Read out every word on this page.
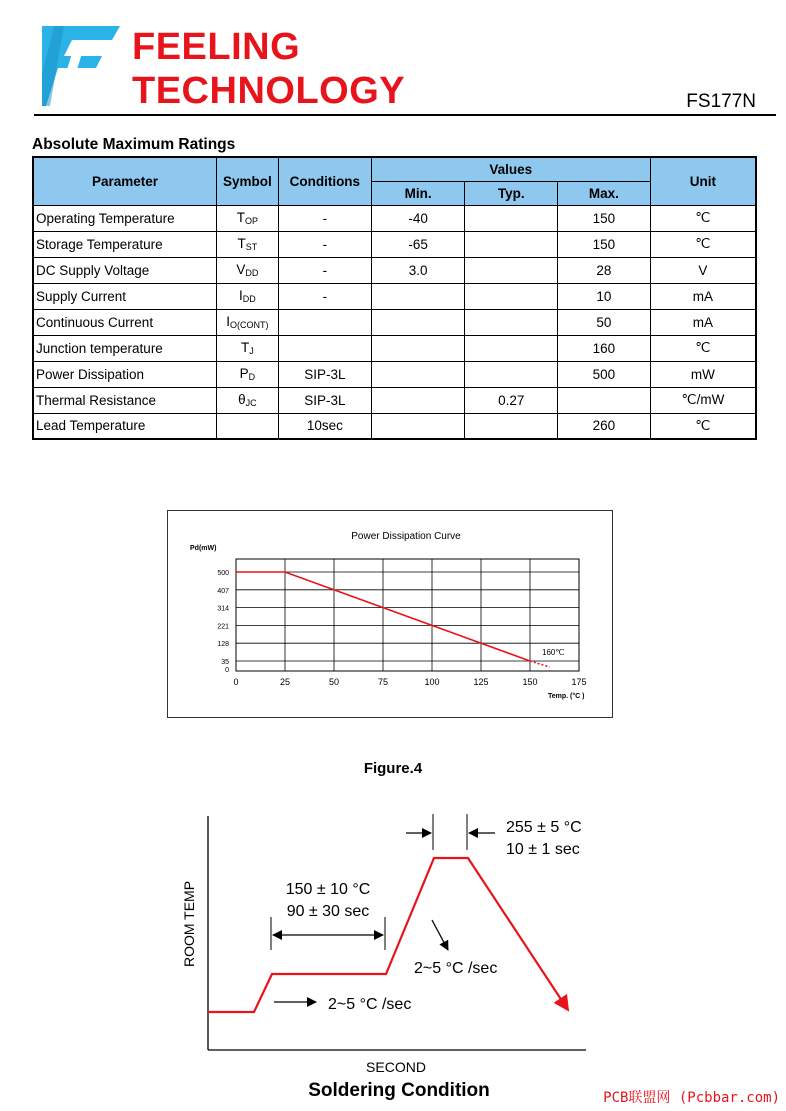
FEELING
TECHNOLOGY	FS177N
Absolute Maximum Ratings
Parameter	Symbol	Conditions	Values			Unit
			Min.	Typ.	Max.	
Operating Temperature	$T_{OP}$	-	-40		150	℃
Storage Temperature	$T_{ST}$	-	-65		150	℃
DC Supply Voltage	$V_{DD}$	-	3.0		28	V
Supply Current	$I_{DD}$	-			10	mA
Continuous Current	$I_{O(CONT)}$				50	mA
Junction temperature	$T_J$				160	℃
Power Dissipation	$P_D$	SIP-3L			500	mW
Thermal Resistance	$\theta_{JC}$	SIP-3L		0.27		℃/mW
Lead Temperature		10sec			260	℃
Power Dissipation Curve
Pd(mW)
Temp. (°C )
500
407
314
221
128
35
0
0	25	50	75	100	125	150	175
160℃
Figure.4
ROOM TEMP
SECOND
150 ± 10 °C
90 ± 30 sec
255 ± 5 °C
10 ± 1 sec
2~5 °C /sec
2~5 °C /sec
Soldering Condition	PCB联盟网 (Pcbbar.com)
